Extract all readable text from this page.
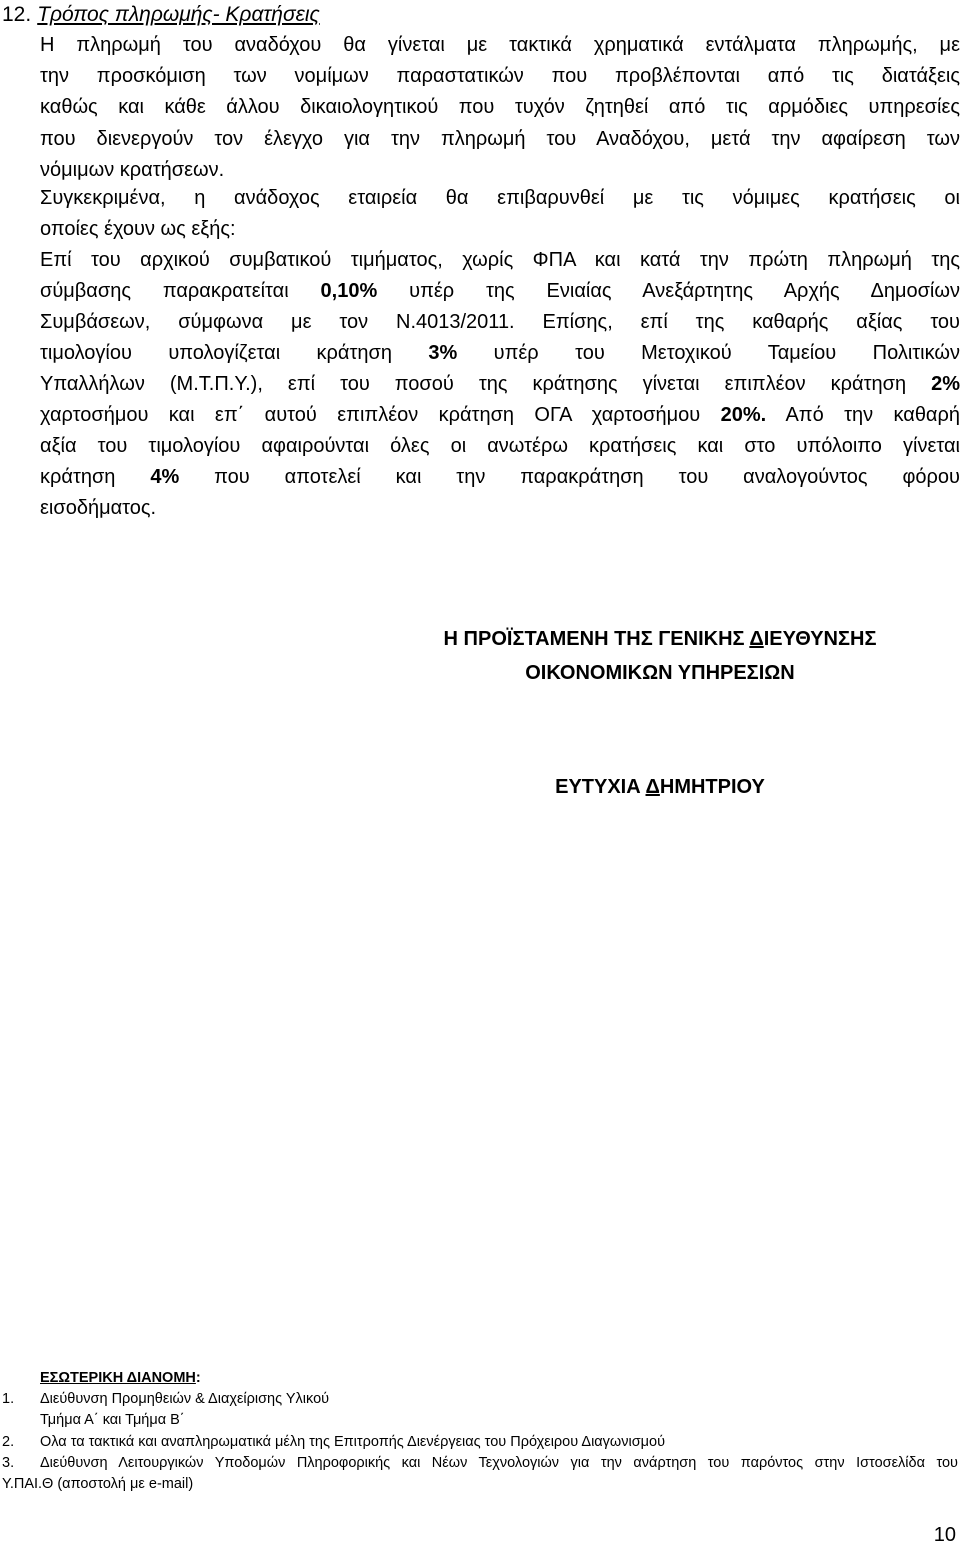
12. Τρόπος πληρωμής- Κρατήσεις
Η πληρωμή του αναδόχου θα γίνεται με τακτικά χρηματικά εντάλματα πληρωμής, με
την προσκόμιση των νομίμων παραστατικών που προβλέπονται από τις διατάξεις
καθώς και κάθε άλλου δικαιολογητικού που τυχόν ζητηθεί από τις αρμόδιες υπηρεσίες
που διενεργούν τον έλεγχο για την πληρωμή του Αναδόχου, μετά την αφαίρεση των
νόμιμων κρατήσεων.
Συγκεκριμένα, η ανάδοχος εταιρεία θα επιβαρυνθεί με τις νόμιμες κρατήσεις οι
οποίες έχουν ως εξής:
Επί του αρχικού συμβατικού τιμήματος, χωρίς ΦΠΑ και κατά την πρώτη πληρωμή της
σύμβασης παρακρατείται 0,10% υπέρ της Ενιαίας Ανεξάρτητης Αρχής Δημοσίων
Συμβάσεων, σύμφωνα με τον Ν.4013/2011. Επίσης, επί της καθαρής αξίας του
τιμολογίου υπολογίζεται κράτηση 3% υπέρ του Μετοχικού Ταμείου Πολιτικών
Υπαλλήλων (Μ.Τ.Π.Υ.), επί του ποσού της κράτησης γίνεται επιπλέον κράτηση 2%
χαρτοσήμου και επ΄ αυτού επιπλέον κράτηση ΟΓΑ χαρτοσήμου 20%. Από την καθαρή
αξία του τιμολογίου αφαιρούνται όλες οι ανωτέρω κρατήσεις και στο υπόλοιπο γίνεται
κράτηση 4% που αποτελεί και την παρακράτηση του αναλογούντος φόρου
εισοδήματος.
Η ΠΡΟΪΣΤΑΜΕΝΗ ΤΗΣ ΓΕΝΙΚΗΣ ΔΙΕΥΘΥΝΣΗΣ
ΟΙΚΟΝΟΜΙΚΩΝ ΥΠΗΡΕΣΙΩΝ
ΕΥΤΥΧΙΑ ΔΗΜΗΤΡΙΟΥ
ΕΣΩΤΕΡΙΚΗ ΔΙΑΝΟΜΗ:
1. Διεύθυνση Προμηθειών & Διαχείρισης Υλικού
Τμήμα Α΄ και Τμήμα Β΄
2. Ολα τα τακτικά και αναπληρωματικά μέλη της Επιτροπής Διενέργειας του Πρόχειρου Διαγωνισμού
3. Διεύθυνση Λειτουργικών Υποδομών Πληροφορικής και Νέων Τεχνολογιών για την ανάρτηση του παρόντος στην Ιστοσελίδα του
Υ.ΠΑΙ.Θ (αποστολή με e-mail)
10
